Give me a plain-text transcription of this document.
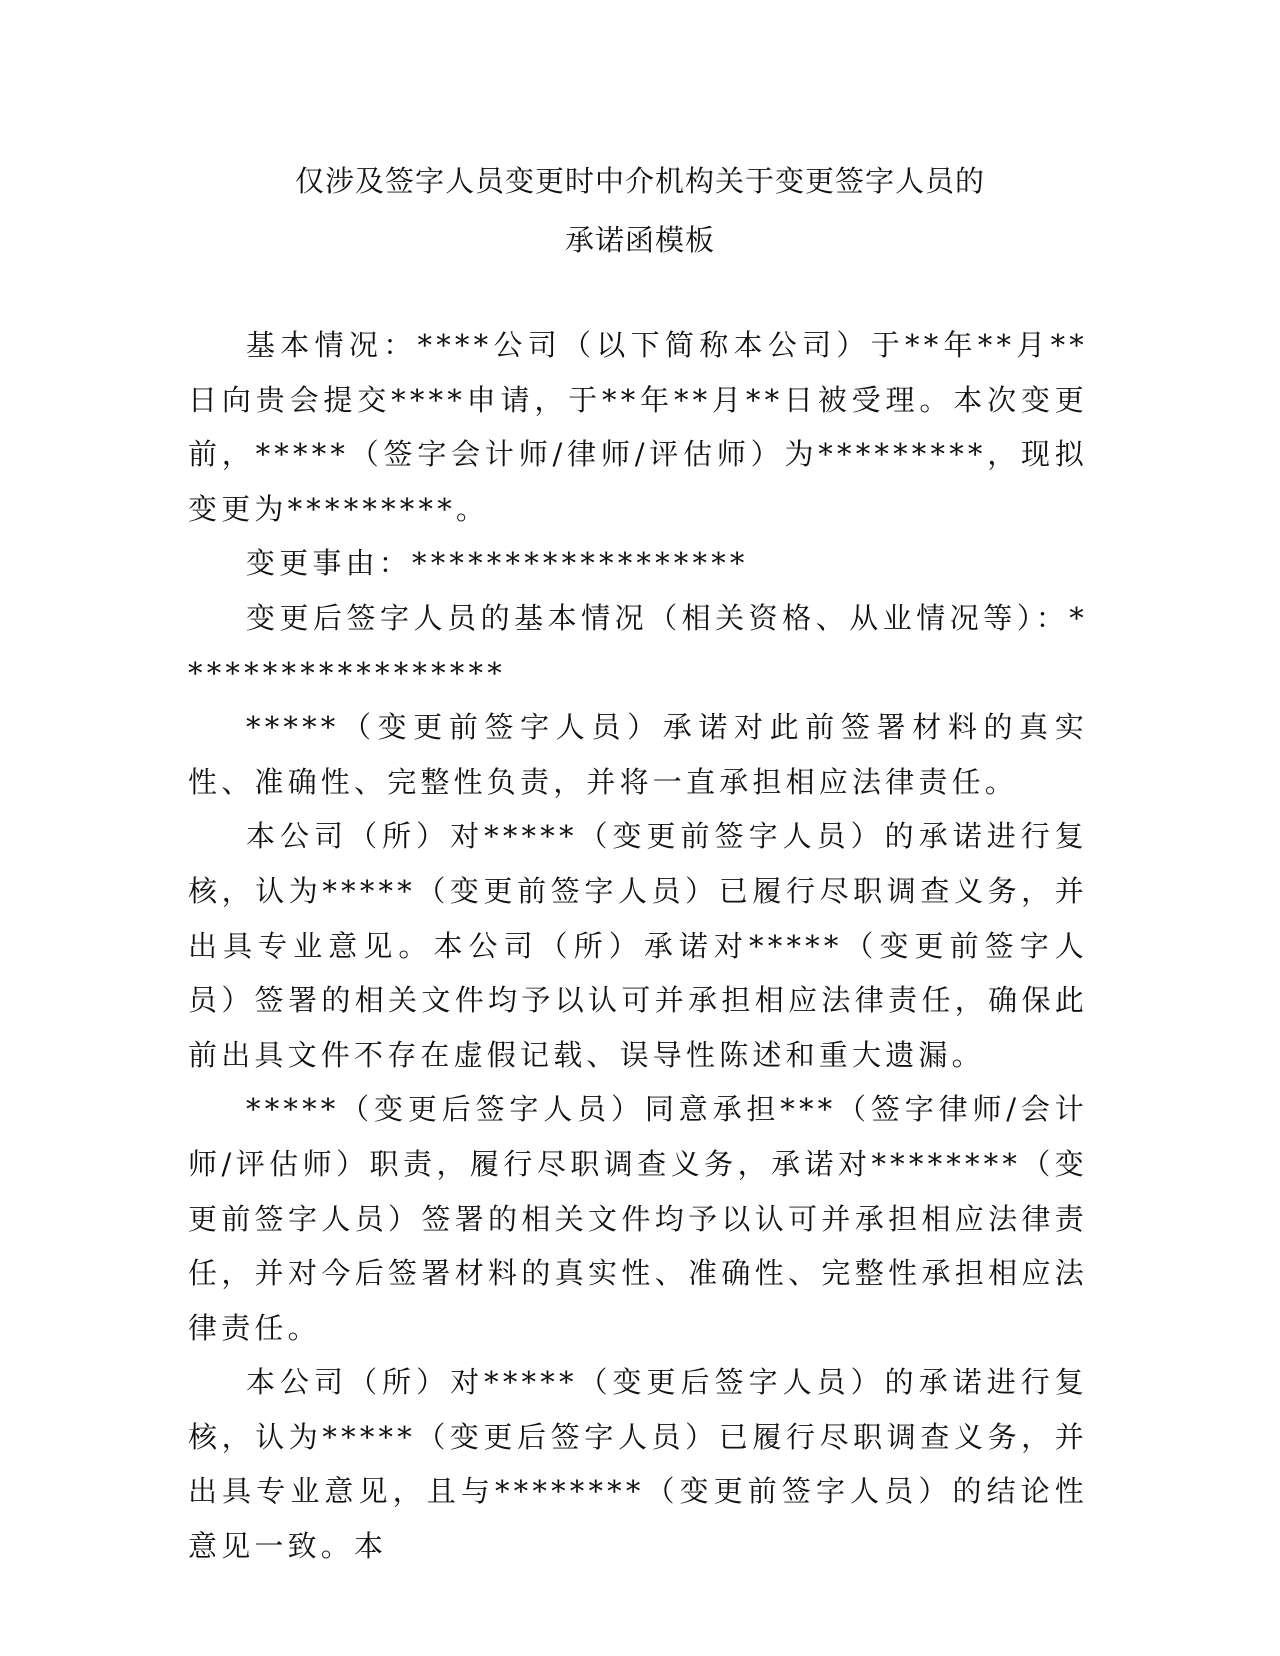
仅涉及签字人员变更时中介机构关于变更签字人员的
承诺函模板

基本情况：****公司（以下简称本公司）于**年**月**日向贵会提交****申请，于**年**月**日被受理。本次变更前，*****（签字会计师/律师/评估师）为*********，现拟变更为*********。

变更事由：******************

变更后签字人员的基本情况（相关资格、从业情况等）：******************

*****（变更前签字人员）承诺对此前签署材料的真实性、准确性、完整性负责，并将一直承担相应法律责任。

本公司（所）对*****（变更前签字人员）的承诺进行复核，认为*****（变更前签字人员）已履行尽职调查义务，并出具专业意见。本公司（所）承诺对*****（变更前签字人员）签署的相关文件均予以认可并承担相应法律责任，确保此前出具文件不存在虚假记载、误导性陈述和重大遗漏。

*****（变更后签字人员）同意承担***（签字律师/会计师/评估师）职责，履行尽职调查义务，承诺对********（变更前签字人员）签署的相关文件均予以认可并承担相应法律责任，并对今后签署材料的真实性、准确性、完整性承担相应法律责任。

本公司（所）对*****（变更后签字人员）的承诺进行复核，认为*****（变更后签字人员）已履行尽职调查义务，并出具专业意见，且与********（变更前签字人员）的结论性意见一致。本
